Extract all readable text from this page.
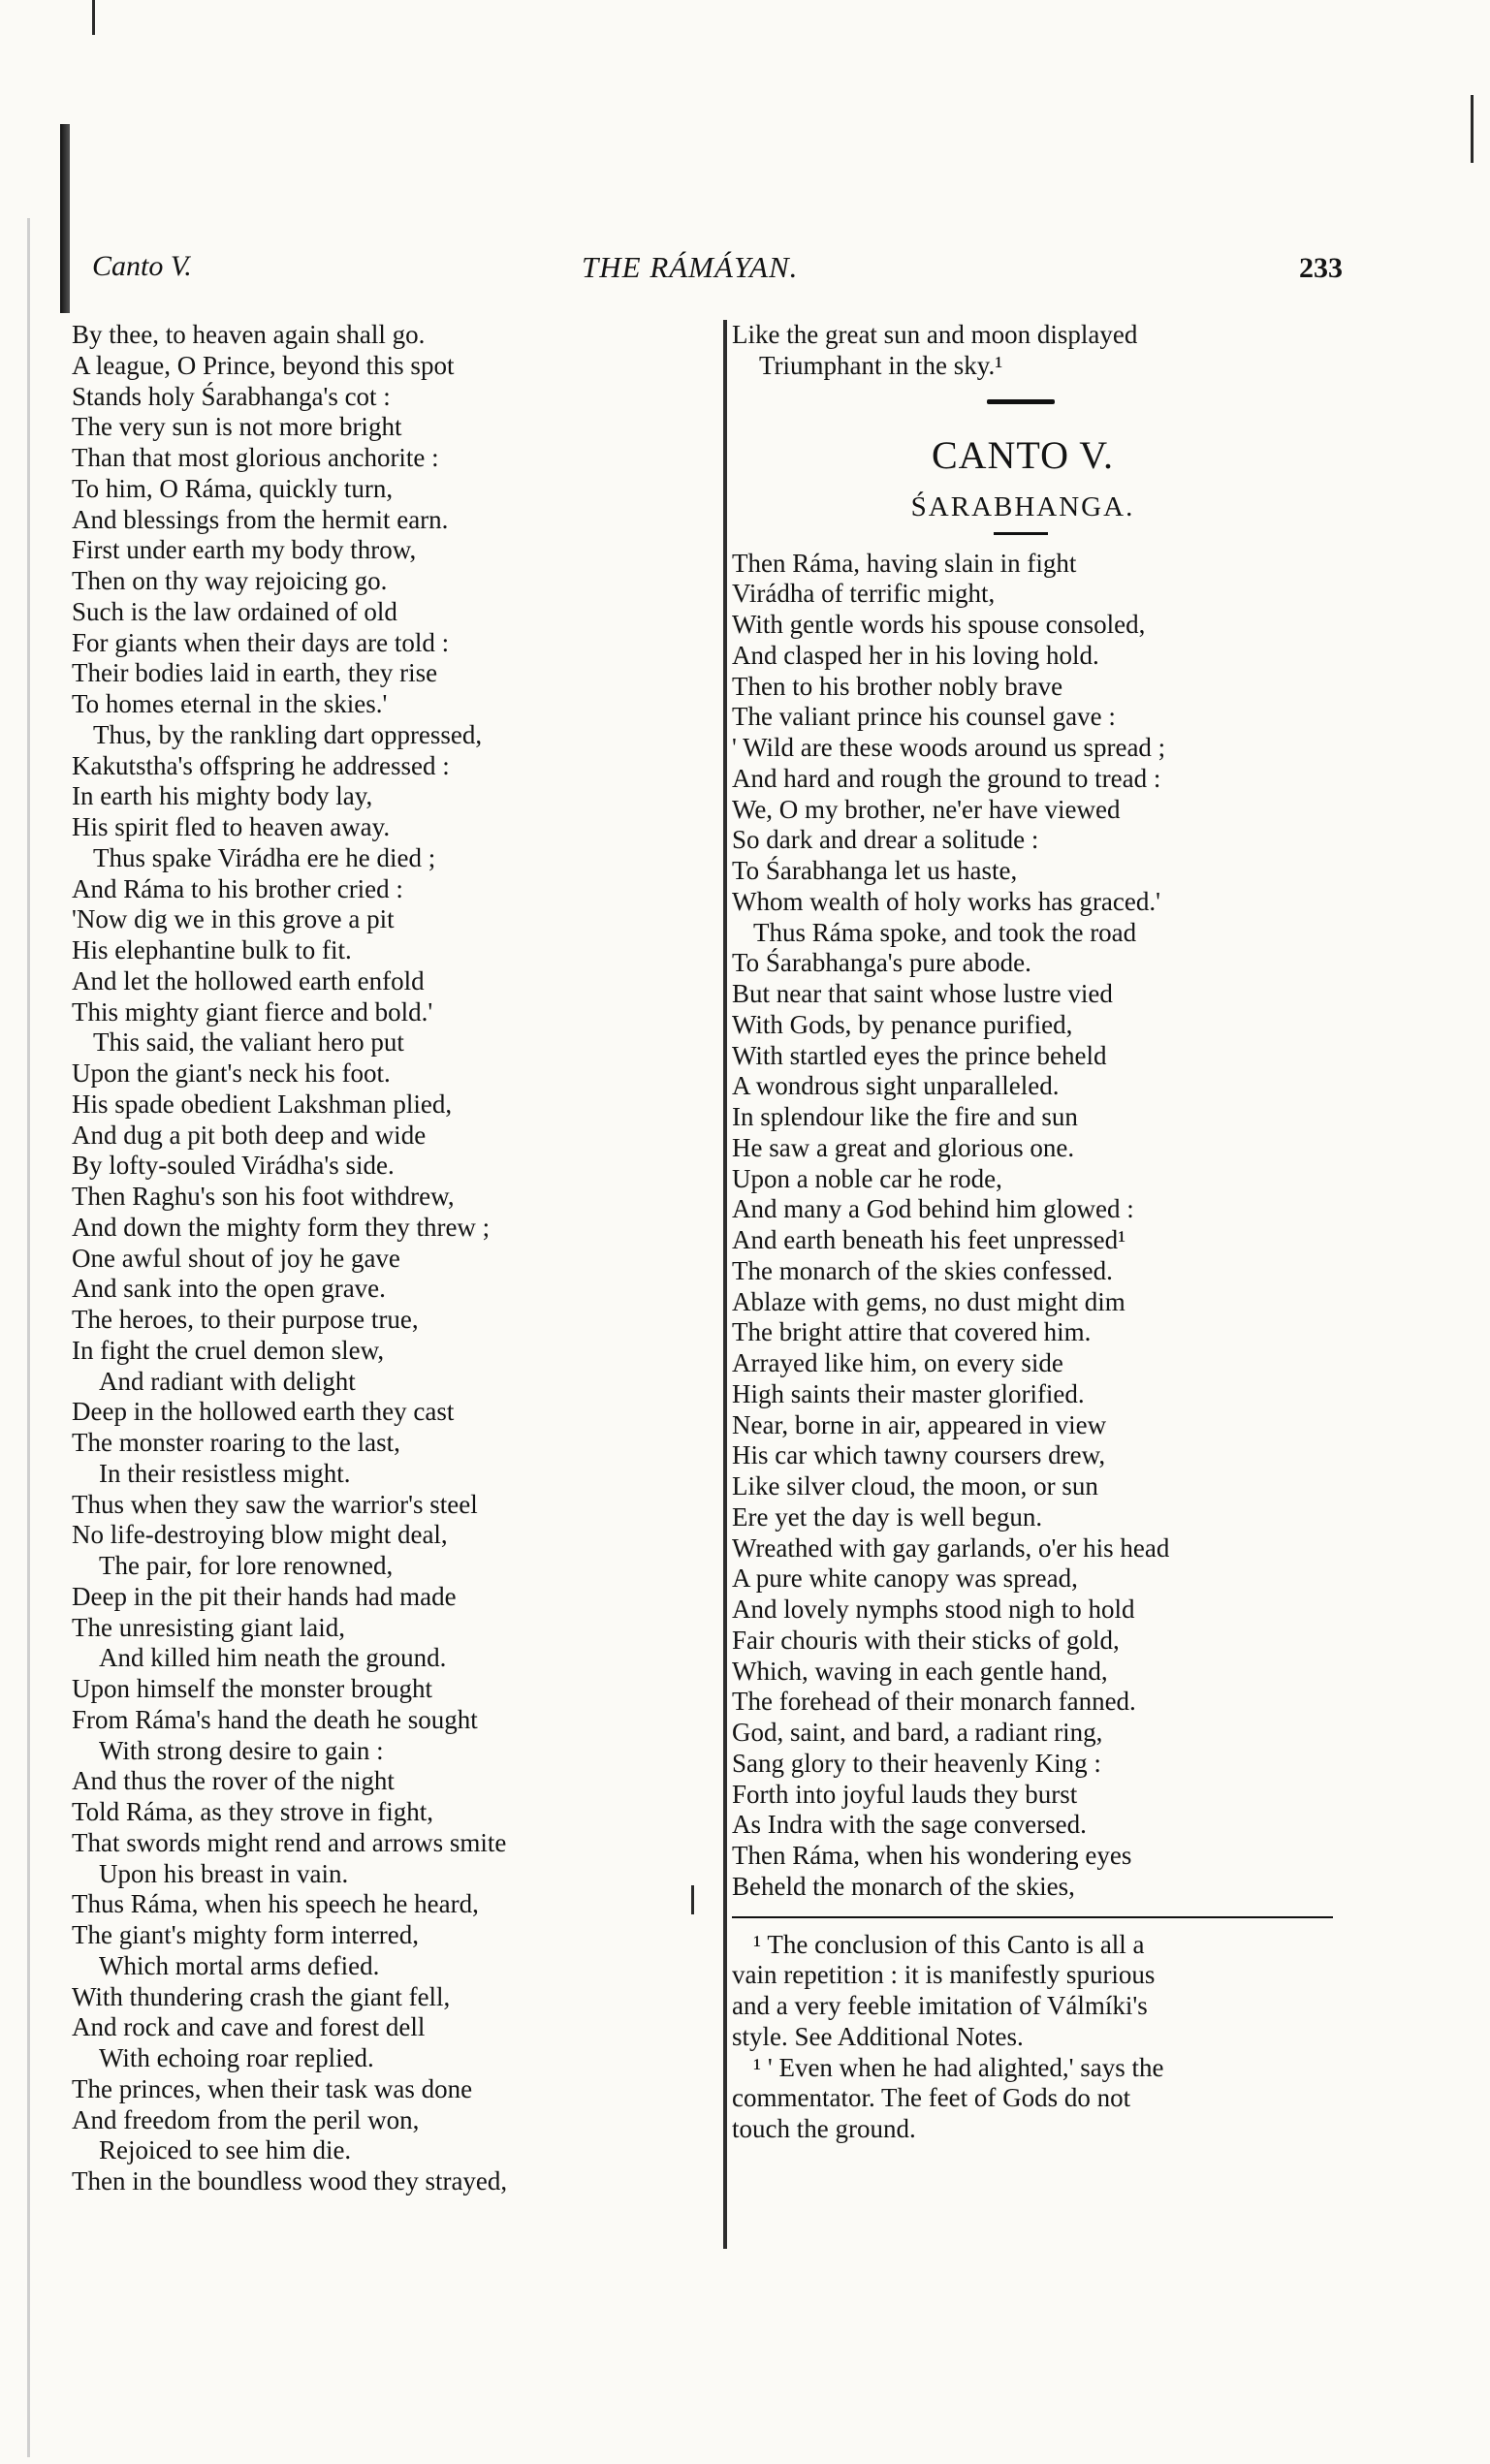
Canto V.	THE RÁMÁYAN.	233
By thee, to heaven again shall go.
A league, O Prince, beyond this spot
Stands holy Śarabhanga's cot :
The very sun is not more bright
Than that most glorious anchorite :
To him, O Ráma, quickly turn,
And blessings from the hermit earn.
First under earth my body throw,
Then on thy way rejoicing go.
Such is the law ordained of old
For giants when their days are told :
Their bodies laid in earth, they rise
To homes eternal in the skies.'
Thus, by the rankling dart oppressed,
Kakutstha's offspring he addressed :
In earth his mighty body lay,
His spirit fled to heaven away.
Thus spake Virádha ere he died ;
And Ráma to his brother cried :
'Now dig we in this grove a pit
His elephantine bulk to fit.
And let the hollowed earth enfold
This mighty giant fierce and bold.'
This said, the valiant hero put
Upon the giant's neck his foot.
His spade obedient Lakshman plied,
And dug a pit both deep and wide
By lofty-souled Virádha's side.
Then Raghu's son his foot withdrew,
And down the mighty form they threw ;
One awful shout of joy he gave
And sank into the open grave.
The heroes, to their purpose true,
In fight the cruel demon slew,
And radiant with delight
Deep in the hollowed earth they cast
The monster roaring to the last,
In their resistless might.
Thus when they saw the warrior's steel
No life-destroying blow might deal,
The pair, for lore renowned,
Deep in the pit their hands had made
The unresisting giant laid,
And killed him neath the ground.
Upon himself the monster brought
From Ráma's hand the death he sought
With strong desire to gain :
And thus the rover of the night
Told Ráma, as they strove in fight,
That swords might rend and arrows smite
Upon his breast in vain.
Thus Ráma, when his speech he heard,
The giant's mighty form interred,
Which mortal arms defied.
With thundering crash the giant fell,
And rock and cave and forest dell
With echoing roar replied.
The princes, when their task was done
And freedom from the peril won,
Rejoiced to see him die.
Then in the boundless wood they strayed,
Like the great sun and moon displayed
Triumphant in the sky.¹
CANTO V.
ŚARABHANGA.
Then Ráma, having slain in fight
Virádha of terrific might,
With gentle words his spouse consoled,
And clasped her in his loving hold.
Then to his brother nobly brave
The valiant prince his counsel gave :
' Wild are these woods around us spread ;
And hard and rough the ground to tread :
We, O my brother, ne'er have viewed
So dark and drear a solitude :
To Śarabhanga let us haste,
Whom wealth of holy works has graced.'
Thus Ráma spoke, and took the road
To Śarabhanga's pure abode.
But near that saint whose lustre vied
With Gods, by penance purified,
With startled eyes the prince beheld
A wondrous sight unparalleled.
In splendour like the fire and sun
He saw a great and glorious one.
Upon a noble car he rode,
And many a God behind him glowed :
And earth beneath his feet unpressed¹
The monarch of the skies confessed.
Ablaze with gems, no dust might dim
The bright attire that covered him.
Arrayed like him, on every side
High saints their master glorified.
Near, borne in air, appeared in view
His car which tawny coursers drew,
Like silver cloud, the moon, or sun
Ere yet the day is well begun.
Wreathed with gay garlands, o'er his head
A pure white canopy was spread,
And lovely nymphs stood nigh to hold
Fair chouris with their sticks of gold,
Which, waving in each gentle hand,
The forehead of their monarch fanned.
God, saint, and bard, a radiant ring,
Sang glory to their heavenly King :
Forth into joyful lauds they burst
As Indra with the sage conversed.
Then Ráma, when his wondering eyes
Beheld the monarch of the skies,
¹ The conclusion of this Canto is all a
vain repetition : it is manifestly spurious
and a very feeble imitation of Válmíki's
style. See Additional Notes.
¹ ' Even when he had alighted,' says the
commentator. The feet of Gods do not
touch the ground.
